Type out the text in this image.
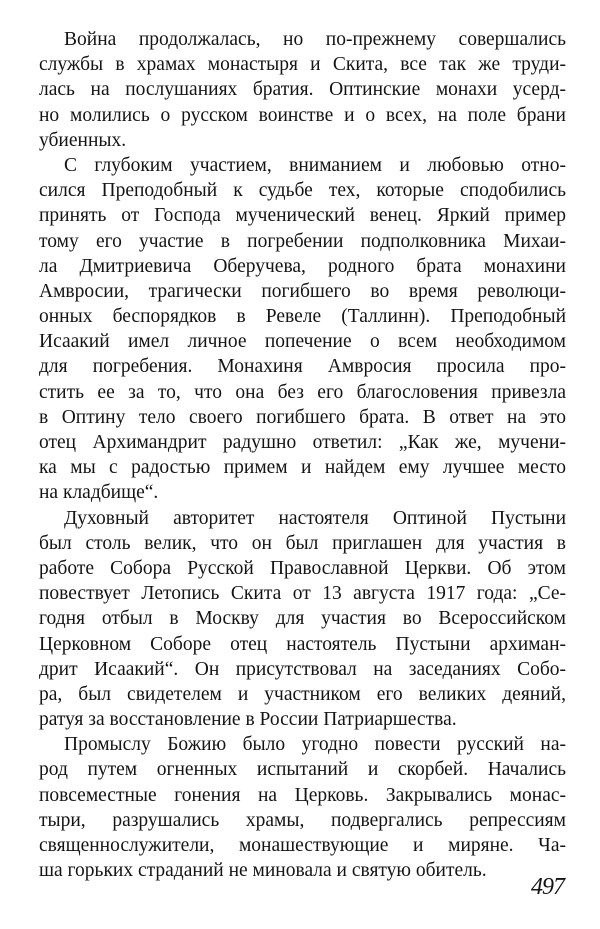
Война продолжалась, но по-прежнему совершались
службы в храмах монастыря и Скита, все так же труди-
лась на послушаниях братия. Оптинские монахи усерд-
но молились о русском воинстве и о всех, на поле брани
убиенных.
С глубоким участием, вниманием и любовью отно-
сился Преподобный к судьбе тех, которые сподобились
принять от Господа мученический венец. Яркий пример
тому его участие в погребении подполковника Михаи-
ла Дмитриевича Оберучева, родного брата монахини
Амвросии, трагически погибшего во время революци-
онных беспорядков в Ревеле (Таллинн). Преподобный
Исаакий имел личное попечение о всем необходимом
для погребения. Монахиня Амвросия просила про-
стить ее за то, что она без его благословения привезла
в Оптину тело своего погибшего брата. В ответ на это
отец Архимандрит радушно ответил: „Как же, мучени-
ка мы с радостью примем и найдем ему лучшее место
на кладбище“.
Духовный авторитет настоятеля Оптиной Пустыни
был столь велик, что он был приглашен для участия в
работе Собора Русской Православной Церкви. Об этом
повествует Летопись Скита от 13 августа 1917 года: „Се-
годня отбыл в Москву для участия во Всероссийском
Церковном Соборе отец настоятель Пустыни архиман-
дрит Исаакий“. Он присутствовал на заседаниях Собо-
ра, был свидетелем и участником его великих деяний,
ратуя за восстановление в России Патриаршества.
Промыслу Божию было угодно повести русский на-
род путем огненных испытаний и скорбей. Начались
повсеместные гонения на Церковь. Закрывались монас-
тыри, разрушались храмы, подвергались репрессиям
священнослужители, монашествующие и миряне. Ча-
ша горьких страданий не миновала и святую обитель.
497
